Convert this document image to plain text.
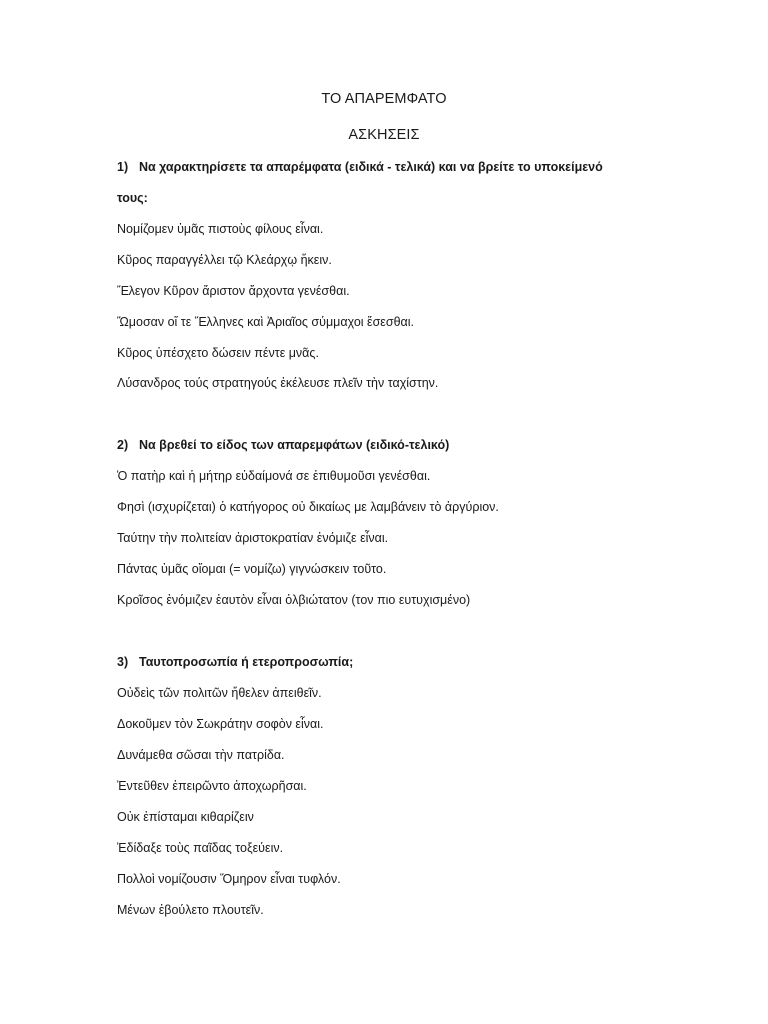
ΤΟ ΑΠΑΡΕΜΦΑΤΟ
ΑΣΚΗΣΕΙΣ
1) Να χαρακτηρίσετε τα απαρέμφατα (ειδικά - τελικά) και να βρείτε το υποκείμενό
τους:
Νομίζομεν ὑμᾶς πιστοὺς φίλους εἶναι.
Κῦρος παραγγέλλει τῷ Κλεάρχῳ ἥκειν.
Ἔλεγον Κῦρον ἄριστον ἄρχοντα γενέσθαι.
Ὤμοσαν οἵ τε Ἕλληνες καὶ Ἀριαῖος σύμμαχοι ἔσεσθαι.
Κῦρος ὑπέσχετο δώσειν πέντε μνᾶς.
Λύσανδρος τούς στρατηγούς ἐκέλευσε πλεῖν τὴν ταχίστην.
2) Να βρεθεί το είδος των απαρεμφάτων (ειδικό-τελικό)
Ὁ πατὴρ καὶ ἡ μήτηρ εὐδαίμονά σε ἐπιθυμοῦσι γενέσθαι.
Φησὶ (ισχυρίζεται) ὁ κατήγορος οὐ δικαίως με λαμβάνειν τὸ ἀργύριον.
Ταύτην τὴν πολιτείαν ἀριστοκρατίαν ἐνόμιζε εἶναι.
Πάντας ὑμᾶς οἴομαι (= νομίζω) γιγνώσκειν τοῦτο.
Κροῖσος ἐνόμιζεν ἑαυτὸν εἶναι ὀλβιώτατον (τον πιο ευτυχισμένο)
3) Ταυτοπροσωπία ή ετεροπροσωπία;
Οὐδεὶς τῶν πολιτῶν ἤθελεν ἀπειθεῖν.
Δοκοῦμεν τὸν Σωκράτην σοφὸν εἶναι.
Δυνάμεθα σῶσαι τὴν πατρίδα.
Ἐντεῦθεν ἐπειρῶντο ἀποχωρῆσαι.
Οὐκ ἐπίσταμαι κιθαρίζειν
Ἐδίδαξε τοὺς παῖδας τοξεύειν.
Πολλοὶ νομίζουσιν Ὅμηρον εἶναι τυφλόν.
Μένων ἐβούλετο πλουτεῖν.
